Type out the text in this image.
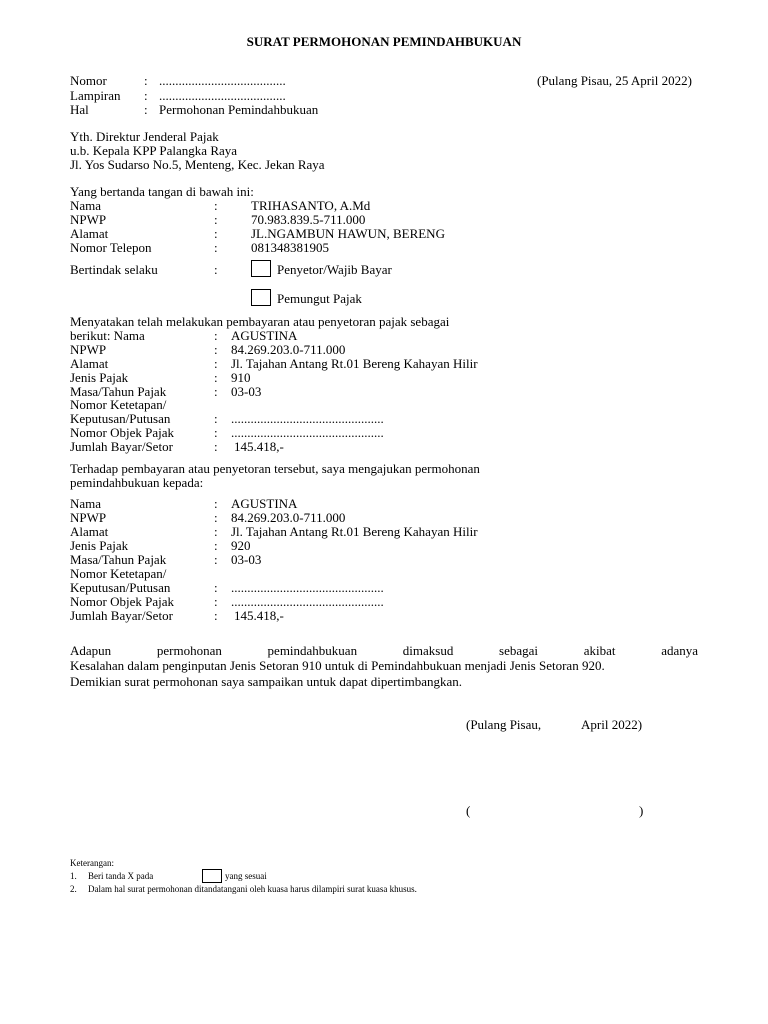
SURAT PERMOHONAN PEMINDAHBUKUAN
Nomor	: .......................................	(Pulang Pisau, 25 April 2022)
Lampiran : .......................................
Hal	: Permohonan Pemindahbukuan
Yth. Direktur Jenderal Pajak
u.b. Kepala KPP Palangka Raya
Jl. Yos Sudarso No.5, Menteng, Kec. Jekan Raya
Yang bertanda tangan di bawah ini:
Nama	:	TRIHASANTO, A.Md
NPWP	:	70.983.839.5-711.000
Alamat	:	JL.NGAMBUN HAWUN, BERENG
Nomor Telepon	:	081348381905
Bertindak selaku	:	Penyetor/Wajib Bayar
Pemungut Pajak
Menyatakan telah melakukan pembayaran atau penyetoran pajak sebagai
berikut: Nama	: AGUSTINA
NPWP	: 84.269.203.0-711.000
Alamat	: Jl. Tajahan Antang Rt.01 Bereng Kahayan Hilir
Jenis Pajak	: 910
Masa/Tahun Pajak	: 03-03
Nomor Ketetapan/
Keputusan/Putusan	: ...............................................
Nomor Objek Pajak	: ...............................................
Jumlah Bayar/Setor	: 145.418,-
Terhadap pembayaran atau penyetoran tersebut, saya mengajukan permohonan
pemindahbukuan kepada:
Nama	: AGUSTINA
NPWP	: 84.269.203.0-711.000
Alamat	: Jl. Tajahan Antang Rt.01 Bereng Kahayan Hilir
Jenis Pajak	: 920
Masa/Tahun Pajak	: 03-03
Nomor Ketetapan/
Keputusan/Putusan	: ...............................................
Nomor Objek Pajak	: ...............................................
Jumlah Bayar/Setor	: 145.418,-
Adapun permohonan pemindahbukuan dimaksud sebagai akibat adanya
Kesalahan dalam penginputan Jenis Setoran 910 untuk di Pemindahbukuan menjadi Jenis Setoran 920.
Demikian surat permohonan saya sampaikan untuk dapat dipertimbangkan.
(Pulang Pisau,	April 2022)
(	)
Keterangan:
1. Beri tanda X pada	yang sesuai
2. Dalam hal surat permohonan ditandatangani oleh kuasa harus dilampiri surat kuasa khusus.
